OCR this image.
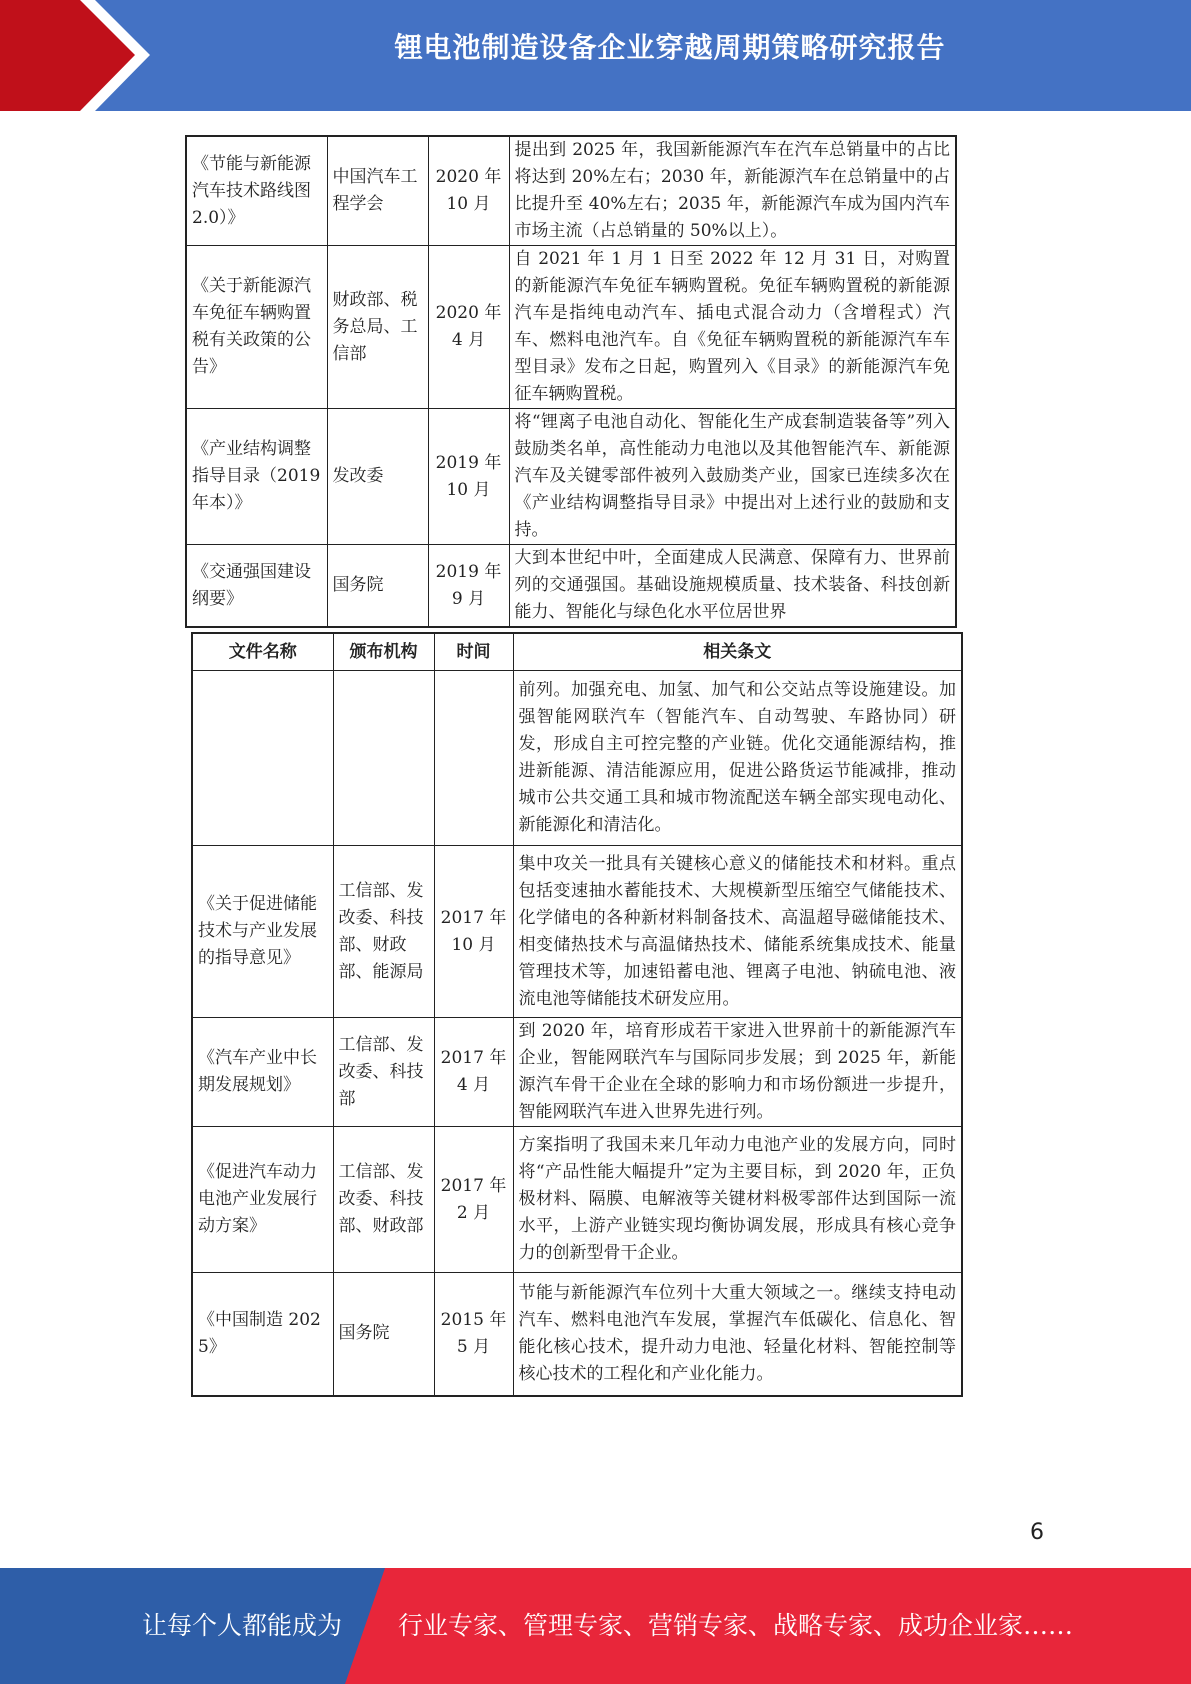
锂电池制造设备企业穿越周期策略研究报告
《节能与新能源汽车技术路线图 2.0）》	中国汽车工程学会	2020 年 10 月	提出到 2025 年，我国新能源汽车在汽车总销量中的占比将达到 20%左右；2030 年，新能源汽车在总销量中的占比提升至 40%左右；2035 年，新能源汽车成为国内汽车市场主流（占总销量的 50%以上）。
《关于新能源汽车免征车辆购置税有关政策的公告》	财政部、税务总局、工信部	2020 年 4 月	自 2021 年 1 月 1 日至 2022 年 12 月 31 日，对购置的新能源汽车免征车辆购置税。免征车辆购置税的新能源汽车是指纯电动汽车、插电式混合动力（含增程式）汽车、燃料电池汽车。自《免征车辆购置税的新能源汽车车型目录》发布之日起，购置列入《目录》的新能源汽车免征车辆购置税。
《产业结构调整指导目录（2019 年本）》	发改委	2019 年 10 月	将“锂离子电池自动化、智能化生产成套制造装备等”列入鼓励类名单，高性能动力电池以及其他智能汽车、新能源汽车及关键零部件被列入鼓励类产业，国家已连续多次在《产业结构调整指导目录》中提出对上述行业的鼓励和支持。
《交通强国建设纲要》	国务院	2019 年 9 月	大到本世纪中叶，全面建成人民满意、保障有力、世界前列的交通强国。基础设施规模质量、技术装备、科技创新能力、智能化与绿色化水平位居世界
文件名称	颁布机构	时间	相关条文
			前列。加强充电、加氢、加气和公交站点等设施建设。加强智能网联汽车（智能汽车、自动驾驶、车路协同）研发，形成自主可控完整的产业链。优化交通能源结构，推进新能源、清洁能源应用，促进公路货运节能减排，推动城市公共交通工具和城市物流配送车辆全部实现电动化、新能源化和清洁化。
《关于促进储能技术与产业发展的指导意见》	工信部、发改委、科技部、财政部、能源局	2017 年 10 月	集中攻关一批具有关键核心意义的储能技术和材料。重点包括变速抽水蓄能技术、大规模新型压缩空气储能技术、化学储电的各种新材料制备技术、高温超导磁储能技术、相变储热技术与高温储热技术、储能系统集成技术、能量管理技术等，加速铅蓄电池、锂离子电池、钠硫电池、液流电池等储能技术研发应用。
《汽车产业中长期发展规划》	工信部、发改委、科技部	2017 年 4 月	到 2020 年，培育形成若干家进入世界前十的新能源汽车企业，智能网联汽车与国际同步发展；到 2025 年，新能源汽车骨干企业在全球的影响力和市场份额进一步提升，智能网联汽车进入世界先进行列。
《促进汽车动力电池产业发展行动方案》	工信部、发改委、科技部、财政部	2017 年 2 月	方案指明了我国未来几年动力电池产业的发展方向，同时将“产品性能大幅提升”定为主要目标，到 2020 年，正负极材料、隔膜、电解液等关键材料极零部件达到国际一流水平，上游产业链实现均衡协调发展，形成具有核心竞争力的创新型骨干企业。
《中国制造 2025》	国务院	2015 年 5 月	节能与新能源汽车位列十大重大领域之一。继续支持电动汽车、燃料电池汽车发展，掌握汽车低碳化、信息化、智能化核心技术，提升动力电池、轻量化材料、智能控制等核心技术的工程化和产业化能力。
6
让每个人都能成为 行业专家、管理专家、营销专家、战略专家、成功企业家……
